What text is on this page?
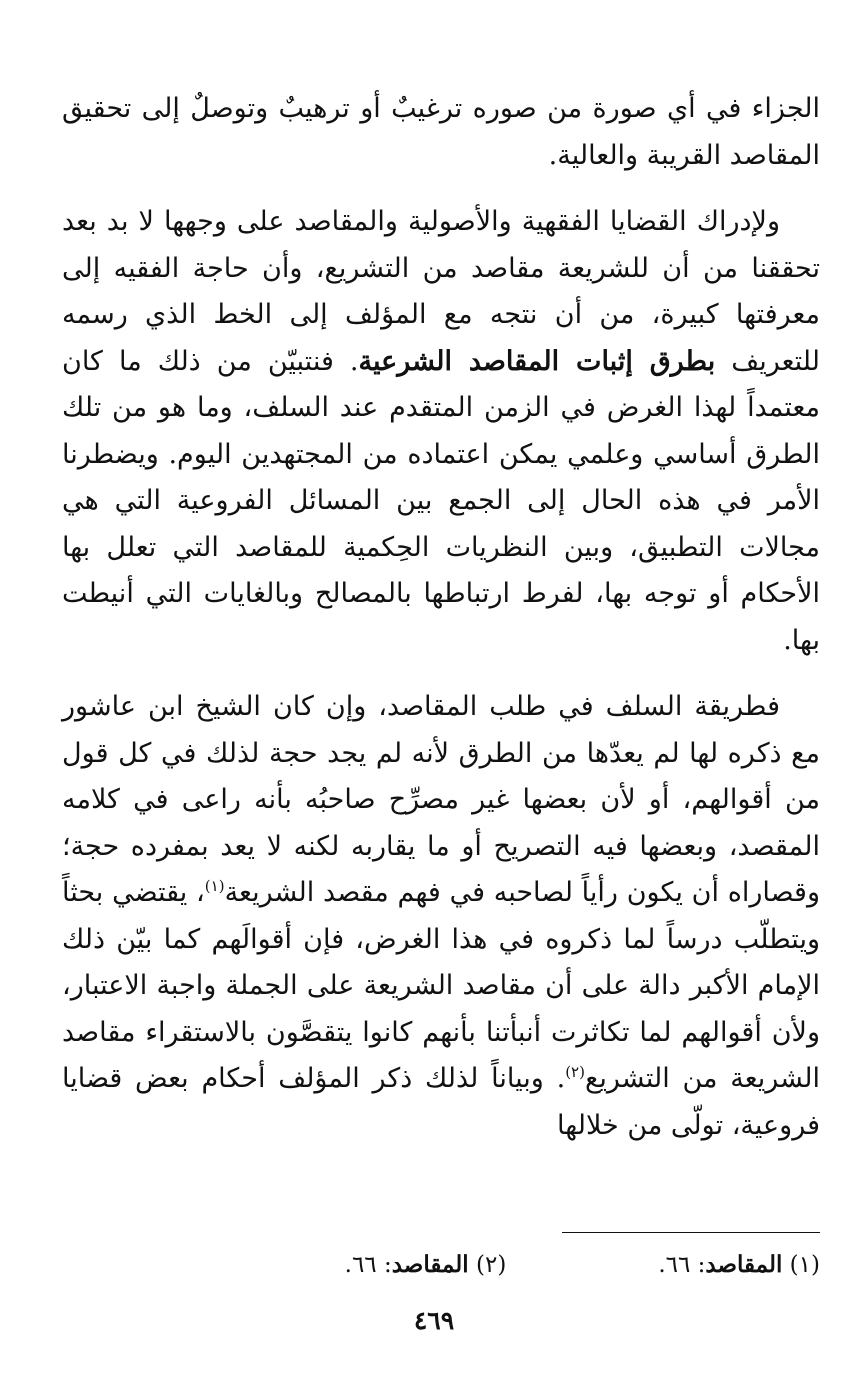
الجزاء في أي صورة من صوره ترغيبٌ أو ترهيبٌ وتوصلٌ إلى تحقيق المقاصد القريبة والعالية.

ولإدراك القضايا الفقهية والأصولية والمقاصد على وجهها لا بد بعد تحققنا من أن للشريعة مقاصد من التشريع، وأن حاجة الفقيه إلى معرفتها كبيرة، من أن نتجه مع المؤلف إلى الخط الذي رسمه للتعريف بطرق إثبات المقاصد الشرعية. فنتبيّن من ذلك ما كان معتمداً لهذا الغرض في الزمن المتقدم عند السلف، وما هو من تلك الطرق أساسي وعلمي يمكن اعتماده من المجتهدين اليوم. ويضطرنا الأمر في هذه الحال إلى الجمع بين المسائل الفروعية التي هي مجالات التطبيق، وبين النظريات الحِكمية للمقاصد التي تعلل بها الأحكام أو توجه بها، لفرط ارتباطها بالمصالح وبالغايات التي أنيطت بها.

فطريقة السلف في طلب المقاصد، وإن كان الشيخ ابن عاشور مع ذكره لها لم يعدّها من الطرق لأنه لم يجد حجة لذلك في كل قول من أقوالهم، أو لأن بعضها غير مصرِّح صاحبُه بأنه راعى في كلامه المقصد، وبعضها فيه التصريح أو ما يقاربه لكنه لا يعد بمفرده حجة؛ وقصاراه أن يكون رأياً لصاحبه في فهم مقصد الشريعة$^{(١)}$، يقتضي بحثاً ويتطلّب درساً لما ذكروه في هذا الغرض، فإن أقوالَهم كما بيّن ذلك الإمام الأكبر دالة على أن مقاصد الشريعة على الجملة واجبة الاعتبار، ولأن أقوالهم لما تكاثرت أنبأتنا بأنهم كانوا يتقصَّون بالاستقراء مقاصد الشريعة من التشريع$^{(٢)}$. وبياناً لذلك ذكر المؤلف أحكام بعض قضايا فروعية، تولّى من خلالها

(١) المقاصد: ٦٦.
(٢) المقاصد: ٦٦.
٤٦٩
